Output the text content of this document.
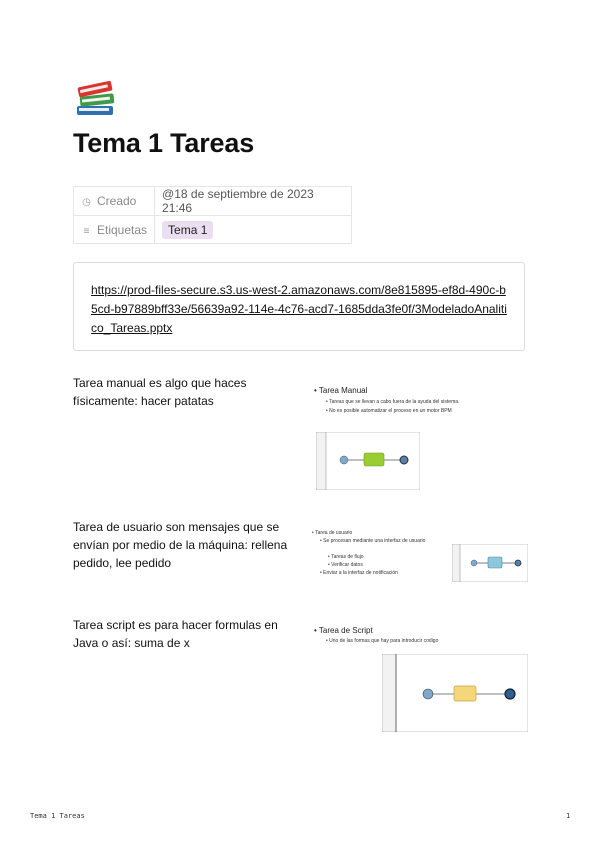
Tema 1 Tareas
◷ Creado	@18 de septiembre de 2023 21:46
≡ Etiquetas	Tema 1
https://prod-files-secure.s3.us-west-2.amazonaws.com/8e815895-ef8d-490c-b5cd-b97889bff33e/56639a92-114e-4c76-acd7-1685dda3fe0f/3ModeladoAnalitico_Tareas.pptx
Tarea manual es algo que haces físicamente: hacer patatas
Tarea de usuario son mensajes que se envían por medio de la máquina: rellena pedido, lee pedido
Tarea script es para hacer formulas en Java o así: suma de x
• Tarea Manual
• Tareas que se llevan a cabo fuera de la ayuda del sistema.
• No es posible automatizar el proceso en un motor BPM
• Tarea de usuario
• Se procesan mediante una interfaz de usuario
• Tareas de flujo
• Verificar datos
• Enviar a la interfaz de notificación
• Tarea de Script
• Uno de las formas que hay para introducir codigo
Tema 1 Tareas	1
